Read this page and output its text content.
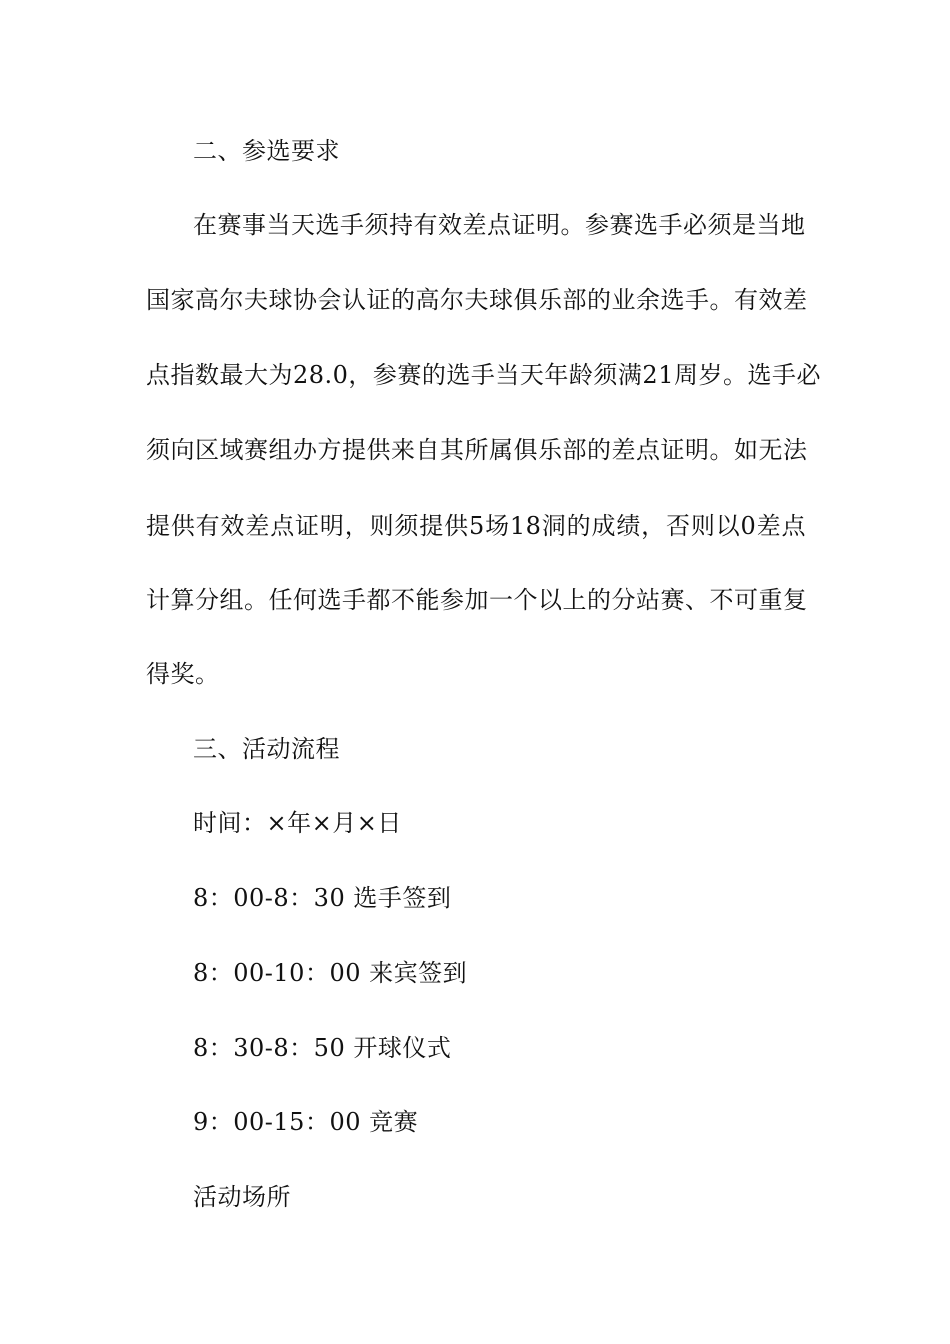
二、参选要求
在赛事当天选手须持有效差点证明。参赛选手必须是当地
国家高尔夫球协会认证的高尔夫球俱乐部的业余选手。有效差
点指数最大为28.0，参赛的选手当天年龄须满21周岁。选手必
须向区域赛组办方提供来自其所属俱乐部的差点证明。如无法
提供有效差点证明，则须提供5场18洞的成绩，否则以0差点
计算分组。任何选手都不能参加一个以上的分站赛、不可重复
得奖。
三、活动流程
时间：×年×月×日
8：00-8：30 选手签到
8：00-10：00 来宾签到
8：30-8：50 开球仪式
9：00-15：00 竞赛
活动场所
